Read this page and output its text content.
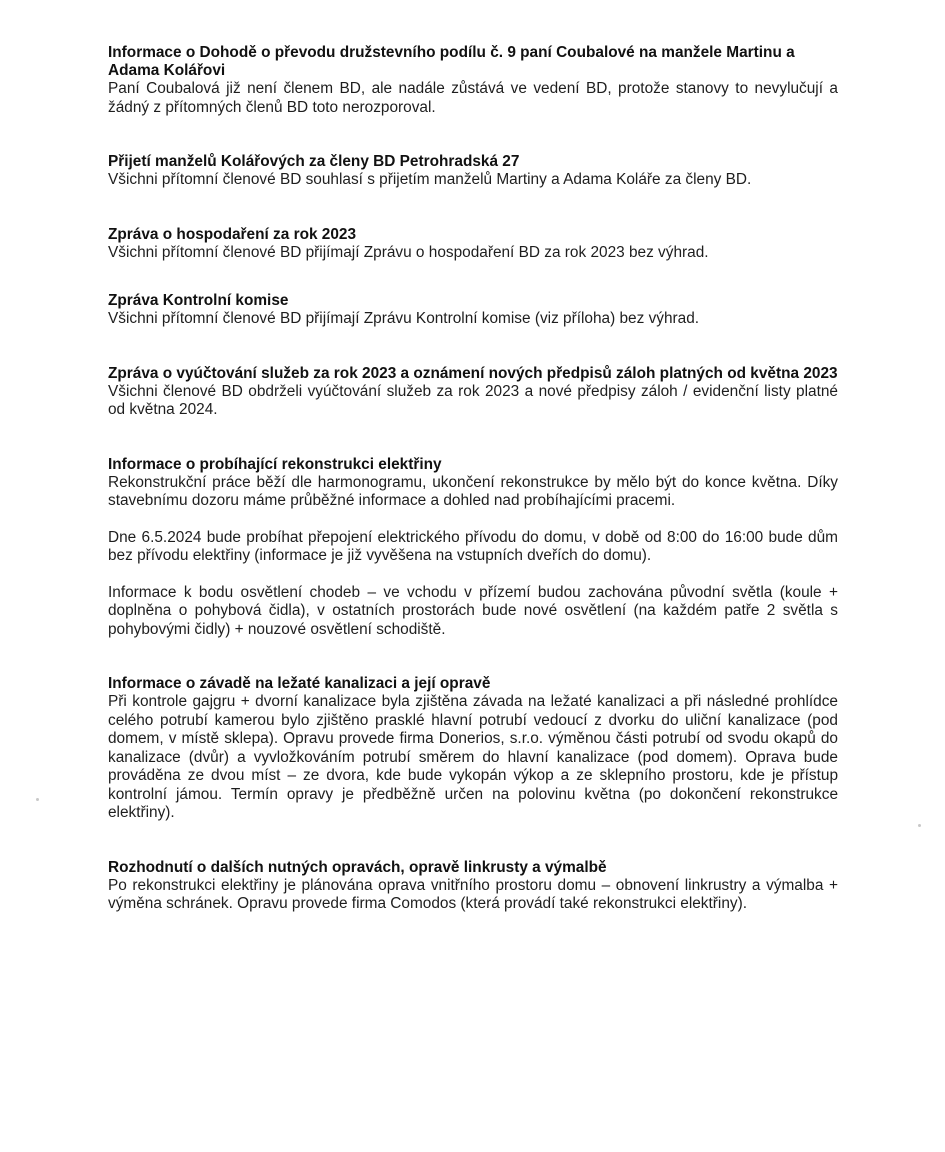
Informace o Dohodě o převodu družstevního podílu č. 9 paní Coubalové na manžele Martinu a Adama Kolářovi

Paní Coubalová již není členem BD, ale nadále zůstává ve vedení BD, protože stanovy to nevylučují a žádný z přítomných členů BD toto nerozporoval.

Přijetí manželů Kolářových za členy BD Petrohradská 27

Všichni přítomní členové BD souhlasí s přijetím manželů Martiny a Adama Koláře za členy BD.

Zpráva o hospodaření za rok 2023

Všichni přítomní členové BD přijímají Zprávu o hospodaření BD za rok 2023 bez výhrad.

Zpráva Kontrolní komise

Všichni přítomní členové BD přijímají Zprávu Kontrolní komise (viz příloha) bez výhrad.

Zpráva o vyúčtování služeb za rok 2023 a oznámení nových předpisů záloh platných od května 2023

Všichni členové BD obdrželi vyúčtování služeb za rok 2023 a nové předpisy záloh / evidenční listy platné od května 2024.

Informace o probíhající rekonstrukci elektřiny

Rekonstrukční práce běží dle harmonogramu, ukončení rekonstrukce by mělo být do konce května. Díky stavebnímu dozoru máme průběžné informace a dohled nad probíhajícími pracemi.

Dne 6.5.2024 bude probíhat přepojení elektrického přívodu do domu, v době od 8:00 do 16:00 bude dům bez přívodu elektřiny (informace je již vyvěšena na vstupních dveřích do domu).

Informace k bodu osvětlení chodeb – ve vchodu v přízemí budou zachována původní světla (koule + doplněna o pohybová čidla), v ostatních prostorách bude nové osvětlení (na každém patře 2 světla s pohybovými čidly) + nouzové osvětlení schodiště.

Informace o závadě na ležaté kanalizaci a její opravě

Při kontrole gajgru + dvorní kanalizace byla zjištěna závada na ležaté kanalizaci a při následné prohlídce celého potrubí kamerou bylo zjištěno prasklé hlavní potrubí vedoucí z dvorku do uliční kanalizace (pod domem, v místě sklepa). Opravu provede firma Donerios, s.r.o. výměnou části potrubí od svodu okapů do kanalizace (dvůr) a vyvložkováním potrubí směrem do hlavní kanalizace (pod domem). Oprava bude prováděna ze dvou míst – ze dvora, kde bude vykopán výkop a ze sklepního prostoru, kde je přístup kontrolní jámou. Termín opravy je předběžně určen na polovinu května (po dokončení rekonstrukce elektřiny).

Rozhodnutí o dalších nutných opravách, opravě linkrusty a výmalbě

Po rekonstrukci elektřiny je plánována oprava vnitřního prostoru domu – obnovení linkrustry a výmalba + výměna schránek. Opravu provede firma Comodos (která provádí také rekonstrukci elektřiny).
